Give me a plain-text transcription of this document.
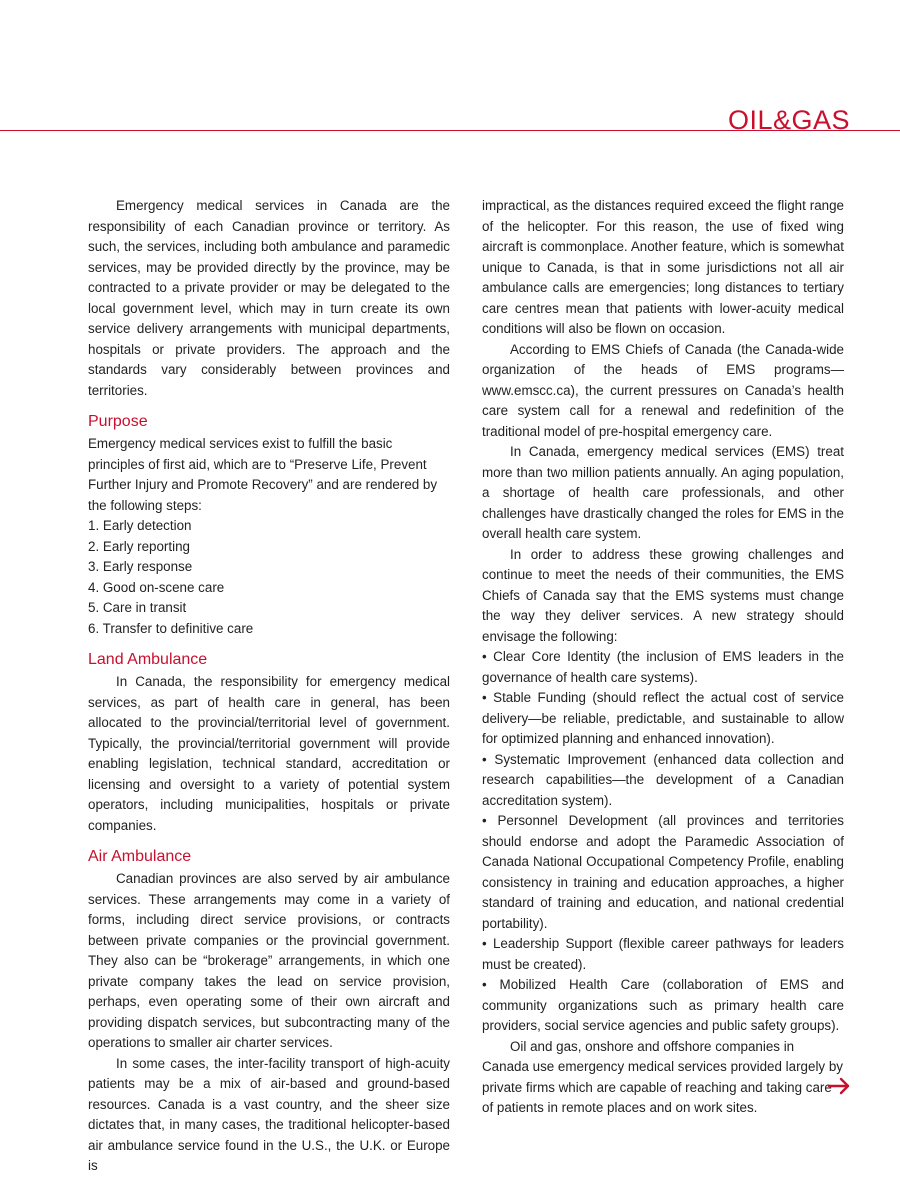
OIL&GAS

Emergency medical services in Canada are the responsibility of each Canadian province or territory. As such, the services, including both ambulance and paramedic services, may be provided directly by the province, may be contracted to a private provider or may be delegated to the local government level, which may in turn create its own service delivery arrangements with municipal departments, hospitals or private providers. The approach and the standards vary considerably between provinces and territories.

Purpose

Emergency medical services exist to fulfill the basic principles of first aid, which are to “Preserve Life, Prevent Further Injury and Promote Recovery” and are rendered by the following steps:

1. Early detection
2. Early reporting
3. Early response
4. Good on-scene care
5. Care in transit
6. Transfer to definitive care
Land Ambulance

In Canada, the responsibility for emergency medical services, as part of health care in general, has been allocated to the provincial/territorial level of government. Typically, the provincial/territorial government will provide enabling legislation, technical standard, accreditation or licensing and oversight to a variety of potential system operators, including municipalities, hospitals or private companies.

Air Ambulance

Canadian provinces are also served by air ambulance services. These arrangements may come in a variety of forms, including direct service provisions, or contracts between private companies or the provincial government. They also can be “brokerage” arrangements, in which one private company takes the lead on service provision, perhaps, even operating some of their own aircraft and providing dispatch services, but subcontracting many of the operations to smaller air charter services.

In some cases, the inter-facility transport of high-acuity patients may be a mix of air-based and ground-based resources. Canada is a vast country, and the sheer size dictates that, in many cases, the traditional helicopter-based air ambulance service found in the U.S., the U.K. or Europe is

impractical, as the distances required exceed the flight range of the helicopter. For this reason, the use of fixed wing aircraft is commonplace. Another feature, which is somewhat unique to Canada, is that in some jurisdictions not all air ambulance calls are emergencies; long distances to tertiary care centres mean that patients with lower-acuity medical conditions will also be flown on occasion.

According to EMS Chiefs of Canada (the Canada-wide organization of the heads of EMS programs—www.emscc.ca), the current pressures on Canada’s health care system call for a renewal and redefinition of the traditional model of pre-hospital emergency care.

In Canada, emergency medical services (EMS) treat more than two million patients annually. An aging population, a shortage of health care professionals, and other challenges have drastically changed the roles for EMS in the overall health care system.

In order to address these growing challenges and continue to meet the needs of their communities, the EMS Chiefs of Canada say that the EMS systems must change the way they deliver services. A new strategy should envisage the following:

• Clear Core Identity (the inclusion of EMS leaders in the governance of health care systems).
• Stable Funding (should reflect the actual cost of service delivery—be reliable, predictable, and sustainable to allow for optimized planning and enhanced innovation).
• Systematic Improvement (enhanced data collection and research capabilities—the development of a Canadian accreditation system).
• Personnel Development (all provinces and territories should endorse and adopt the Paramedic Association of Canada National Occupational Competency Profile, enabling consistency in training and education approaches, a higher standard of training and education, and national credential portability).
• Leadership Support (flexible career pathways for leaders must be created).
• Mobilized Health Care (collaboration of EMS and community organizations such as primary health care providers, social service agencies and public safety groups).

Oil and gas, onshore and offshore companies in Canada use emergency medical services provided largely by private firms which are capable of reaching and taking care of patients in remote places and on work sites.
